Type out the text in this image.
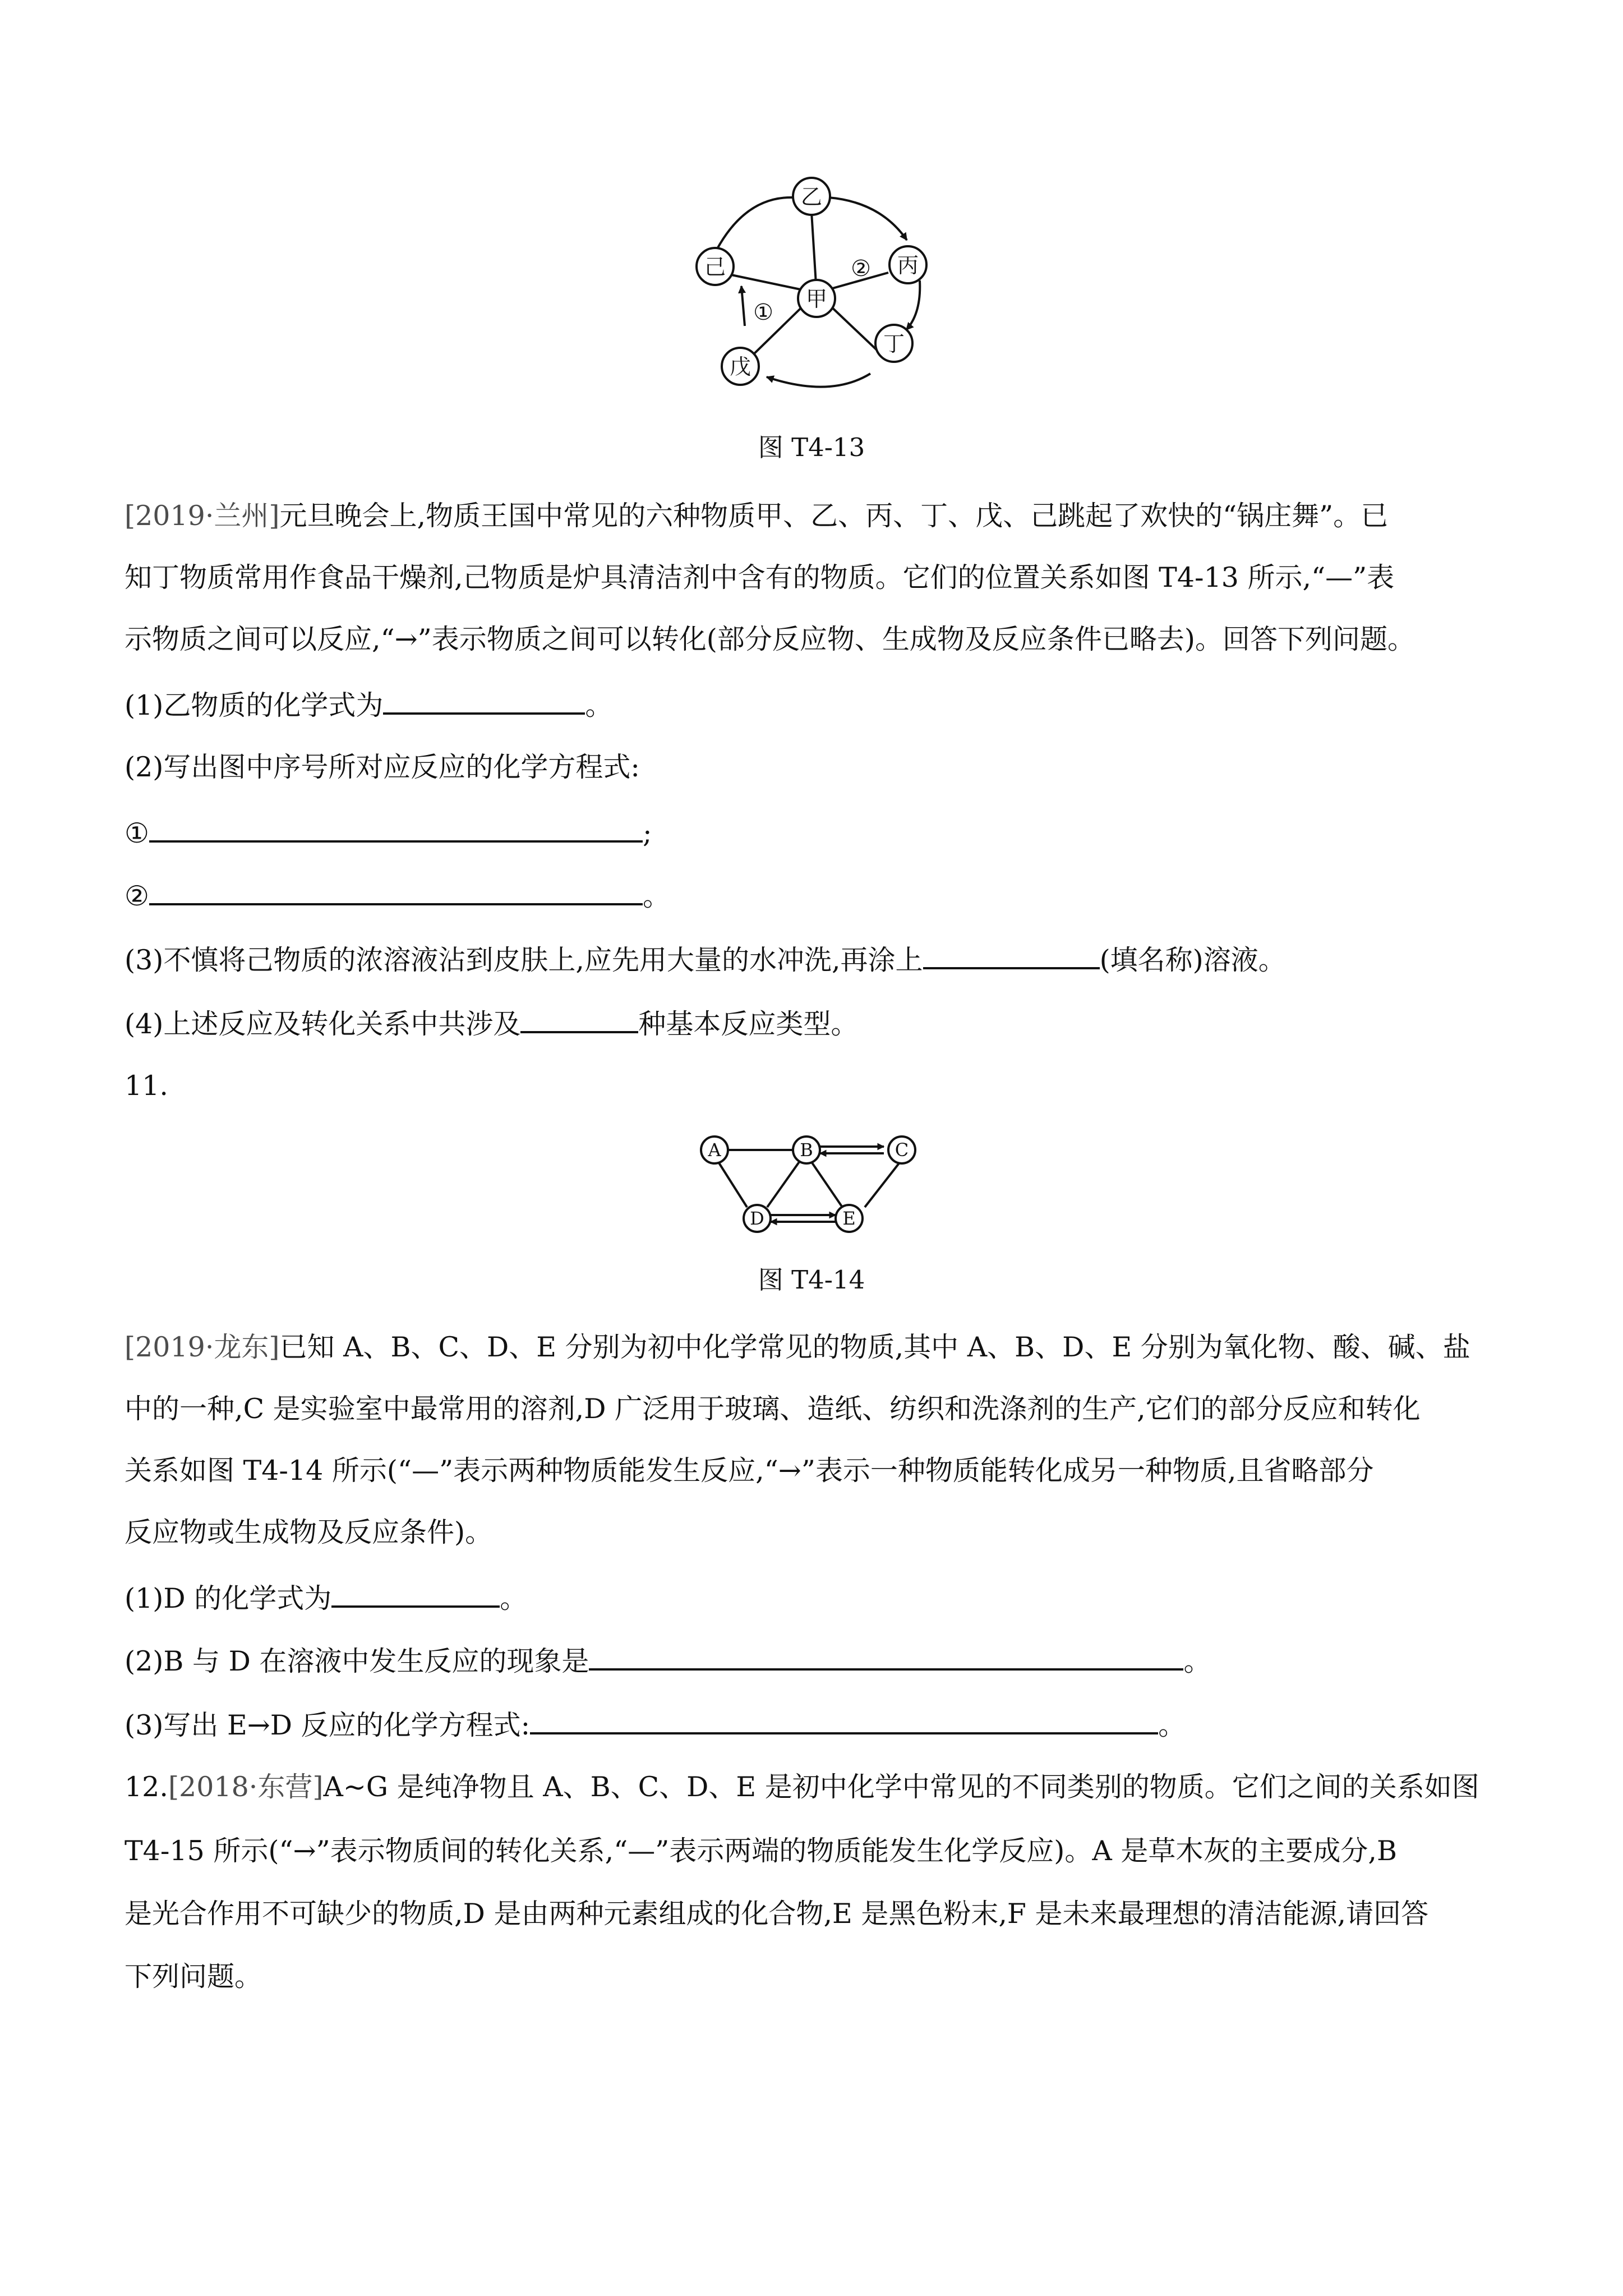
乙
丙
丁
戊
己
甲
①
②
图 T4-13
[2019·兰州]元旦晚会上,物质王国中常见的六种物质甲、乙、丙、丁、戊、己跳起了欢快的“锅庄舞”。已
知丁物质常用作食品干燥剂,己物质是炉具清洁剂中含有的物质。它们的位置关系如图 T4-13 所示,“—”表
示物质之间可以反应,“→”表示物质之间可以转化(部分反应物、生成物及反应条件已略去)。回答下列问题。
(1)乙物质的化学式为	。
(2)写出图中序号所对应反应的化学方程式:
①	;
②	。
(3)不慎将己物质的浓溶液沾到皮肤上,应先用大量的水冲洗,再涂上	(填名称)溶液。
(4)上述反应及转化关系中共涉及	种基本反应类型。
11.
A	B	C
D	E
图 T4-14
[2019·龙东]已知 A、B、C、D、E 分别为初中化学常见的物质,其中 A、B、D、E 分别为氧化物、酸、碱、盐
中的一种,C 是实验室中最常用的溶剂,D 广泛用于玻璃、造纸、纺织和洗涤剂的生产,它们的部分反应和转化
关系如图 T4-14 所示(“—”表示两种物质能发生反应,“→”表示一种物质能转化成另一种物质,且省略部分
反应物或生成物及反应条件)。
(1)D 的化学式为	。
(2)B 与 D 在溶液中发生反应的现象是	。
(3)写出 E→D 反应的化学方程式:	。
12.[2018·东营]A~G 是纯净物且 A、B、C、D、E 是初中化学中常见的不同类别的物质。它们之间的关系如图
T4-15 所示(“→”表示物质间的转化关系,“—”表示两端的物质能发生化学反应)。A 是草木灰的主要成分,B
是光合作用不可缺少的物质,D 是由两种元素组成的化合物,E 是黑色粉末,F 是未来最理想的清洁能源,请回答
下列问题。
